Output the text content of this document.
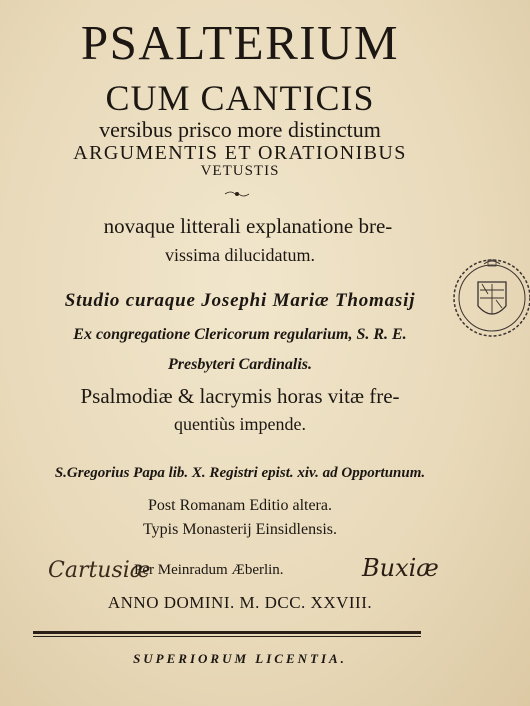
PSALTERIUM
CUM CANTICIS
versibus prisco more distinctum
ARGUMENTIS ET ORATIONIBUS
VETUSTIS
novaque litterali explanatione bre-
vissima dilucidatum.
Studio curaque Josephi Mariæ Thomasij
Ex congregatione Clericorum regularium, S. R. E.
Presbyteri Cardinalis.
Psalmodiæ & lacrymis horas vitæ fre-
quentiùs impende.
S.Gregorius Papa lib. X. Registri epist. xiv. ad Opportunum.
Post Romanam Editio altera.
Typis Monasterij Einsidlensis.
Cartusiæ
Per Meinradum Æberlin.	Buxiæ
ANNO DOMINI. M. DCC. XXVIII.
SUPERIORUM LICENTIA.
